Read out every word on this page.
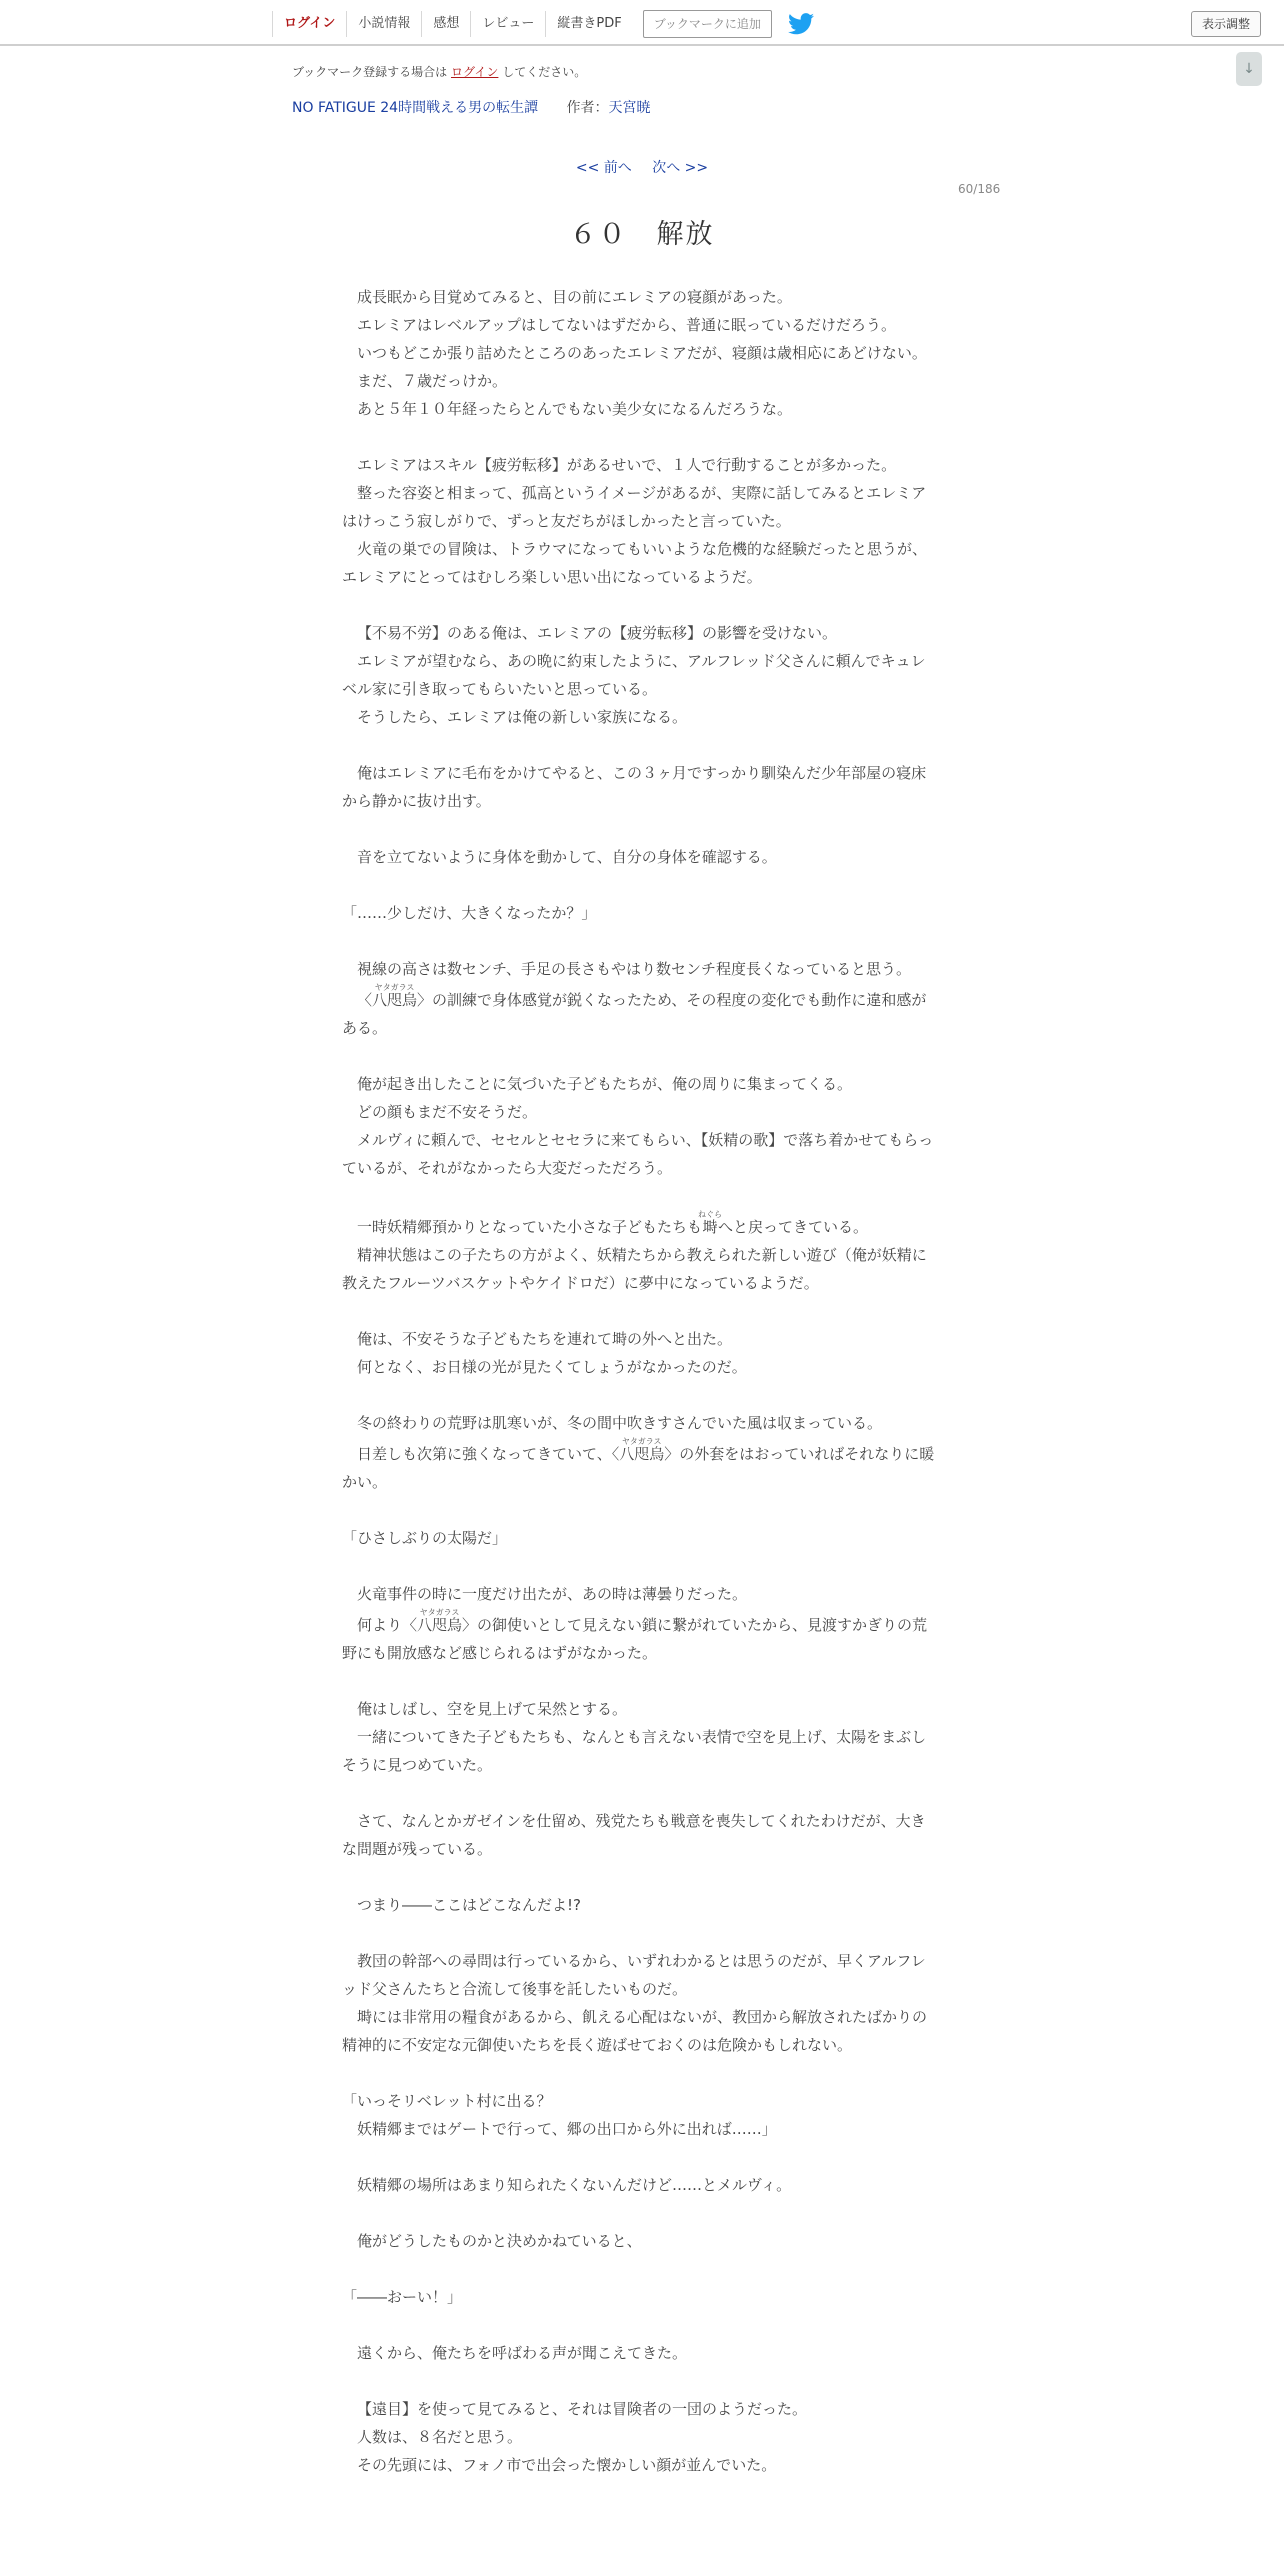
ログイン	小説情報	感想	レビュー	縦書きPDF	ブックマークに追加	表示調整
↓
ブックマーク登録する場合は ログイン してください。
NO FATIGUE 24時間戦える男の転生譚 作者：天宮暁
<< 前へ 次へ >>
60/186
６０　解放

成長眠から目覚めてみると、目の前にエレミアの寝顔があった。

エレミアはレベルアップはしてないはずだから、普通に眠っているだけだろう。

いつもどこか張り詰めたところのあったエレミアだが、寝顔は歳相応にあどけない。

まだ、７歳だっけか。

あと５年１０年経ったらとんでもない美少女になるんだろうな。

エレミアはスキル【疲労転移】があるせいで、１人で行動することが多かった。

整った容姿と相まって、孤高というイメージがあるが、実際に話してみるとエレミアはけっこう寂しがりで、ずっと友だちがほしかったと言っていた。

火竜の巣での冒険は、トラウマになってもいいような危機的な経験だったと思うが、エレミアにとってはむしろ楽しい思い出になっているようだ。

【不易不労】のある俺は、エレミアの【疲労転移】の影響を受けない。

エレミアが望むなら、あの晩に約束したように、アルフレッド父さんに頼んでキュレベル家に引き取ってもらいたいと思っている。

そうしたら、エレミアは俺の新しい家族になる。

俺はエレミアに毛布をかけてやると、この３ヶ月ですっかり馴染んだ少年部屋の寝床から静かに抜け出す。

音を立てないように身体を動かして、自分の身体を確認する。

「……少しだけ、大きくなったか？」

視線の高さは数センチ、手足の長さもやはり数センチ程度長くなっていると思う。

〈八咫烏ヤタガラス〉の訓練で身体感覚が鋭くなったため、その程度の変化でも動作に違和感がある。

俺が起き出したことに気づいた子どもたちが、俺の周りに集まってくる。

どの顔もまだ不安そうだ。

メルヴィに頼んで、セセルとセセラに来てもらい、【妖精の歌】で落ち着かせてもらっているが、それがなかったら大変だっただろう。

一時妖精郷預かりとなっていた小さな子どもたちも塒ねぐらへと戻ってきている。

精神状態はこの子たちの方がよく、妖精たちから教えられた新しい遊び（俺が妖精に教えたフルーツバスケットやケイドロだ）に夢中になっているようだ。

俺は、不安そうな子どもたちを連れて塒の外へと出た。

何となく、お日様の光が見たくてしょうがなかったのだ。

冬の終わりの荒野は肌寒いが、冬の間中吹きすさんでいた風は収まっている。

日差しも次第に強くなってきていて、〈八咫烏ヤタガラス〉の外套をはおっていればそれなりに暖かい。

「ひさしぶりの太陽だ」

火竜事件の時に一度だけ出たが、あの時は薄曇りだった。

何より〈八咫烏ヤタガラス〉の御使いとして見えない鎖に繋がれていたから、見渡すかぎりの荒野にも開放感など感じられるはずがなかった。

俺はしばし、空を見上げて呆然とする。

一緒についてきた子どもたちも、なんとも言えない表情で空を見上げ、太陽をまぶしそうに見つめていた。

さて、なんとかガゼインを仕留め、残党たちも戦意を喪失してくれたわけだが、大きな問題が残っている。

つまり――ここはどこなんだよ!?

教団の幹部への尋問は行っているから、いずれわかるとは思うのだが、早くアルフレッド父さんたちと合流して後事を託したいものだ。

塒には非常用の糧食があるから、飢える心配はないが、教団から解放されたばかりの精神的に不安定な元御使いたちを長く遊ばせておくのは危険かもしれない。

「いっそリベレット村に出る？

妖精郷まではゲートで行って、郷の出口から外に出れば……」

妖精郷の場所はあまり知られたくないんだけど……とメルヴィ。

俺がどうしたものかと決めかねていると、

「――おーい！」

遠くから、俺たちを呼ばわる声が聞こえてきた。

【遠目】を使って見てみると、それは冒険者の一団のようだった。

人数は、８名だと思う。

その先頭には、フォノ市で出会った懐かしい顔が並んでいた。
